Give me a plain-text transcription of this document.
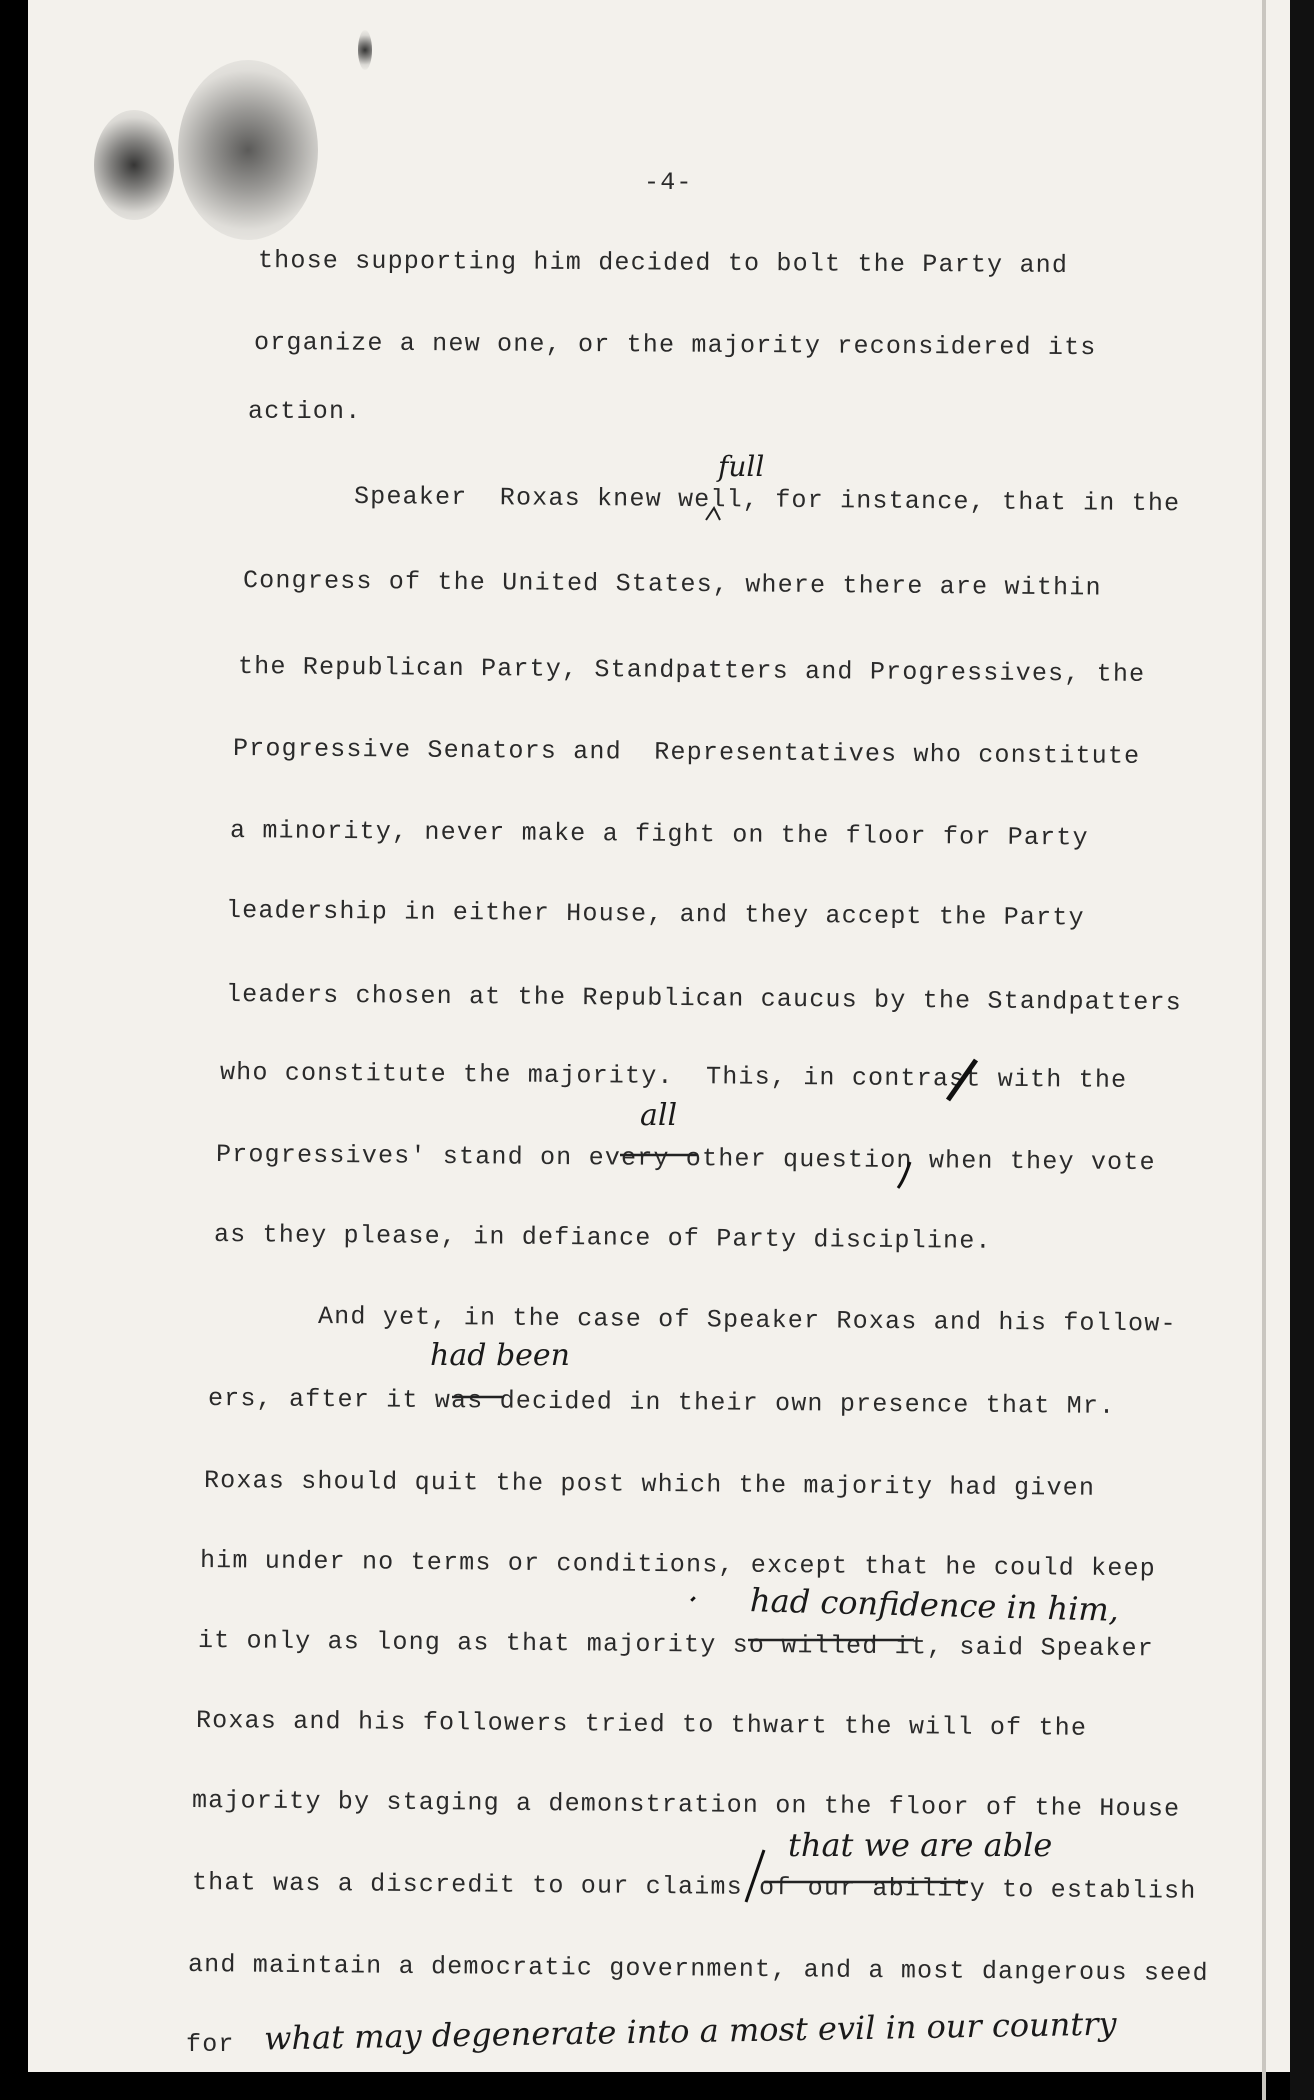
-4-
those supporting him decided to bolt the Party and
organize a new one, or the majority reconsidered its
action.
Speaker  Roxas knew well, for instance, that in the
Congress of the United States, where there are within
the Republican Party, Standpatters and Progressives, the
Progressive Senators and  Representatives who constitute
a minority, never make a fight on the floor for Party
leadership in either House, and they accept the Party
leaders chosen at the Republican caucus by the Standpatters
who constitute the majority.  This, in contrast with the
Progressives' stand on every other question when they vote
as they please, in defiance of Party discipline.
And yet, in the case of Speaker Roxas and his follow-
ers, after it was decided in their own presence that Mr.
Roxas should quit the post which the majority had given
him under no terms or conditions, except that he could keep
it only as long as that majority so willed it, said Speaker
Roxas and his followers tried to thwart the will of the
majority by staging a demonstration on the floor of the House
that was a discredit to our claims of our ability to establish
and maintain a democratic government, and a most dangerous seed
for
full
all
had been
had confidence in him,
that we are able
what may degenerate into a most evil in our country
